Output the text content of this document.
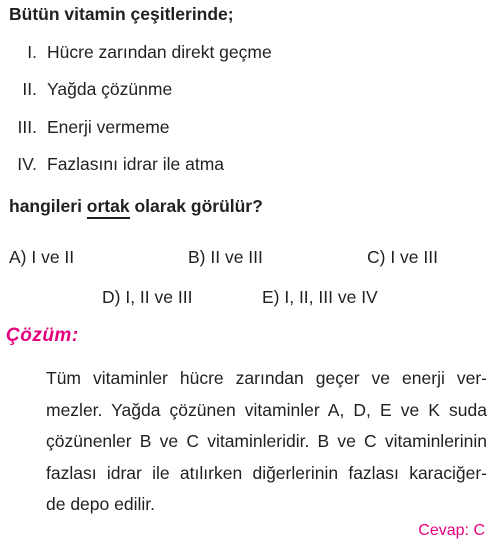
Bütün vitamin çeşitlerinde;
I. Hücre zarından direkt geçme
II. Yağda çözünme
III. Enerji vermeme
IV. Fazlasını idrar ile atma
hangileri ortak olarak görülür?
A) I ve II	B) II ve III	C) I ve III
D) I, II ve III	E) I, II, III ve IV
Çözüm:
Tüm vitaminler hücre zarından geçer ve enerji ver-
mezler. Yağda çözünen vitaminler A, D, E ve K suda
çözünenler B ve C vitaminleridir. B ve C vitaminlerinin
fazlası idrar ile atılırken diğerlerinin fazlası karaciğer-
de depo edilir.
Cevap: C
